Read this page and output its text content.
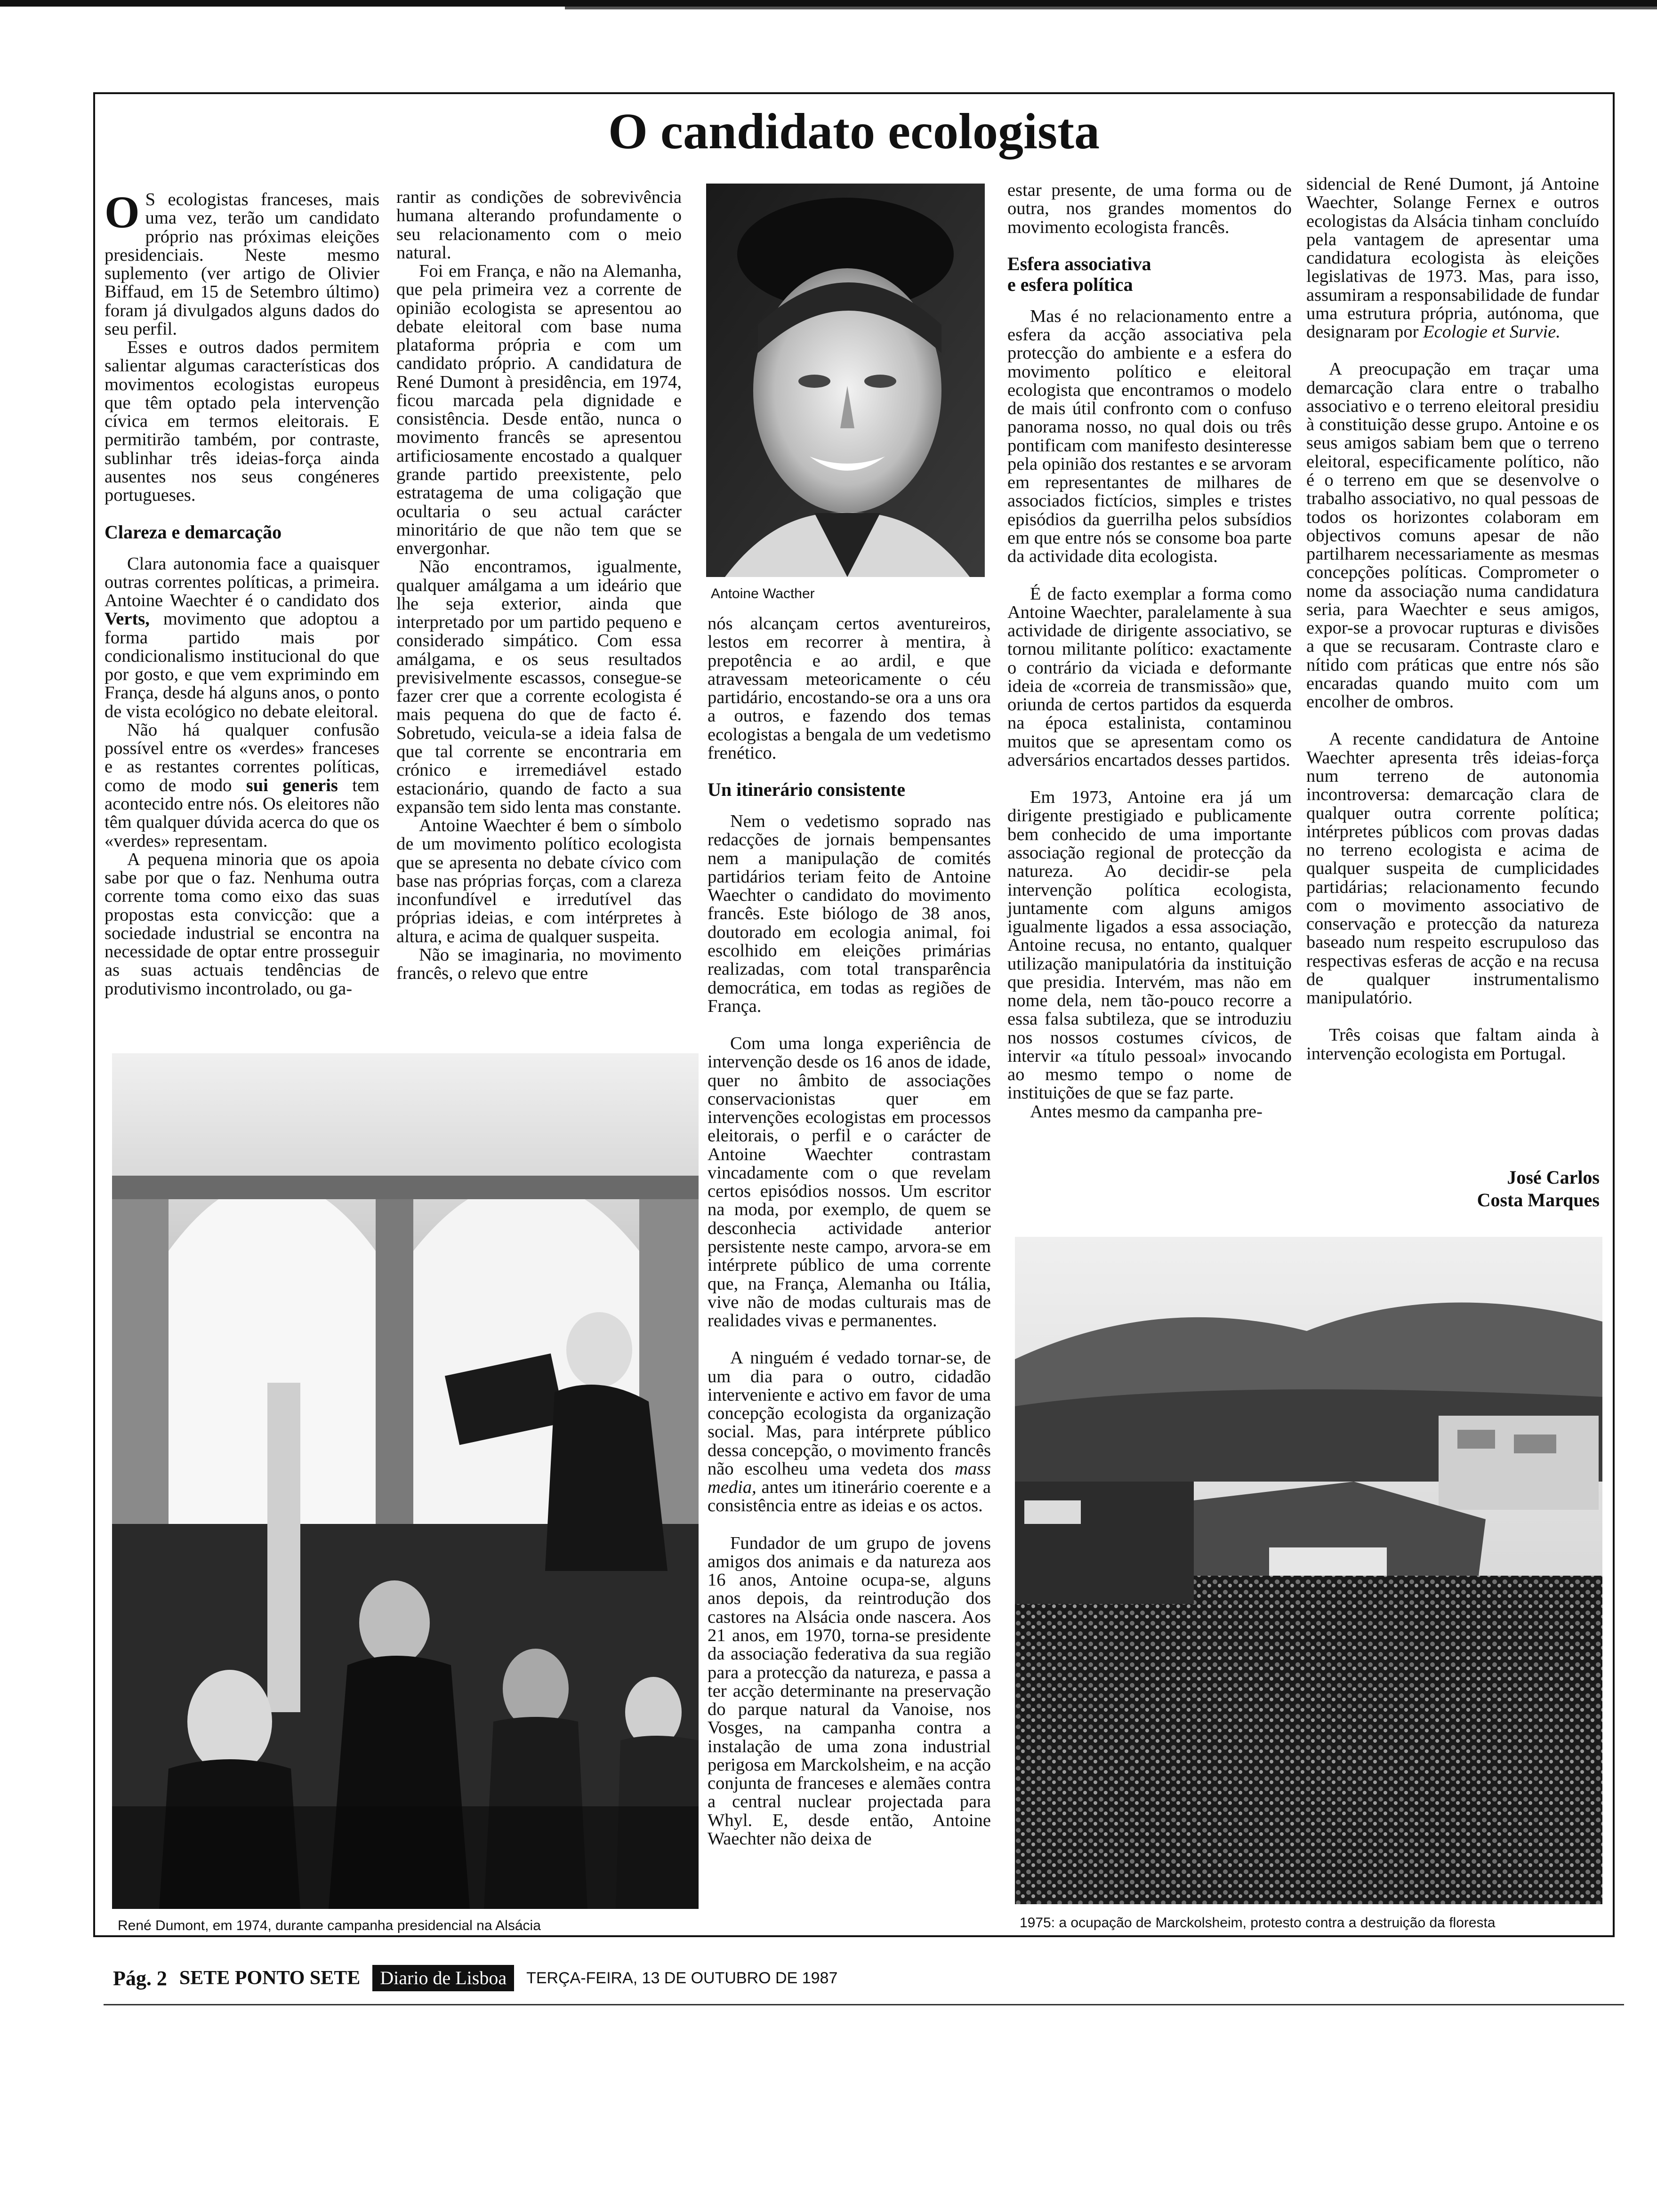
O candidato ecologista
O S ecologistas franceses, mais uma vez, terão um candidato próprio nas próximas eleições presidenciais. Neste mesmo suplemento (ver artigo de Olivier Biffaud, em 15 de Setembro último) foram já divulgados alguns dados do seu perfil.

Esses e outros dados permitem salientar algumas características dos movimentos ecologistas europeus que têm optado pela intervenção cívica em termos eleitorais. E permitirão também, por contraste, sublinhar três ideias-força ainda ausentes nos seus congéneres portugueses.

Clareza e demarcação

Clara autonomia face a quaisquer outras correntes políticas, a primeira. Antoine Waechter é o candidato dos Verts, movimento que adoptou a forma partido mais por condicionalismo institucional do que por gosto, e que vem exprimindo em França, desde há alguns anos, o ponto de vista ecológico no debate eleitoral.

Não há qualquer confusão possível entre os «verdes» franceses e as restantes correntes políticas, como de modo sui generis tem acontecido entre nós. Os eleitores não têm qualquer dúvida acerca do que os «verdes» representam.

A pequena minoria que os apoia sabe por que o faz. Nenhuma outra corrente toma como eixo das suas propostas esta convicção: que a sociedade industrial se encontra na necessidade de optar entre prosseguir as suas actuais tendências de produtivismo incontrolado, ou ga-

rantir as condições de sobrevivência humana alterando profundamente o seu relacionamento com o meio natural.

Foi em França, e não na Alemanha, que pela primeira vez a corrente de opinião ecologista se apresentou ao debate eleitoral com base numa plataforma própria e com um candidato próprio. A candidatura de René Dumont à presidência, em 1974, ficou marcada pela dignidade e consistência. Desde então, nunca o movimento francês se apresentou artificiosamente encostado a qualquer grande partido preexistente, pelo estratagema de uma coligação que ocultaria o seu actual carácter minoritário de que não tem que se envergonhar.

Não encontramos, igualmente, qualquer amálgama a um ideário que lhe seja exterior, ainda que interpretado por um partido pequeno e considerado simpático. Com essa amálgama, e os seus resultados previsivelmente escassos, consegue-se fazer crer que a corrente ecologista é mais pequena do que de facto é. Sobretudo, veicula-se a ideia falsa de que tal corrente se encontraria em crónico e irremediável estado estacionário, quando de facto a sua expansão tem sido lenta mas constante.

Antoine Waechter é bem o símbolo de um movimento político ecologista que se apresenta no debate cívico com base nas próprias forças, com a clareza inconfundível e irredutível das próprias ideias, e com intérpretes à altura, e acima de qualquer suspeita.

Não se imaginaria, no movimento francês, o relevo que entre

Antoine Wacther

nós alcançam certos aventureiros, lestos em recorrer à mentira, à prepotência e ao ardil, e que atravessam meteoricamente o céu partidário, encostando-se ora a uns ora a outros, e fazendo dos temas ecologistas a bengala de um vedetismo frenético.

Un itinerário consistente

Nem o vedetismo soprado nas redacções de jornais bempensantes nem a manipulação de comités partidários teriam feito de Antoine Waechter o candidato do movimento francês. Este biólogo de 38 anos, doutorado em ecologia animal, foi escolhido em eleições primárias realizadas, com total transparência democrática, em todas as regiões de França.

Com uma longa experiência de intervenção desde os 16 anos de idade, quer no âmbito de associações conservacionistas quer em intervenções ecologistas em processos eleitorais, o perfil e o carácter de Antoine Waechter contrastam vincadamente com o que revelam certos episódios nossos. Um escritor na moda, por exemplo, de quem se desconhecia actividade anterior persistente neste campo, arvora-se em intérprete público de uma corrente que, na França, Alemanha ou Itália, vive não de modas culturais mas de realidades vivas e permanentes.

A ninguém é vedado tornar-se, de um dia para o outro, cidadão interveniente e activo em favor de uma concepção ecologista da organização social. Mas, para intérprete público dessa concepção, o movimento francês não escolheu uma vedeta dos mass media, antes um itinerário coerente e a consistência entre as ideias e os actos.

Fundador de um grupo de jovens amigos dos animais e da natureza aos 16 anos, Antoine ocupa-se, alguns anos depois, da reintrodução dos castores na Alsácia onde nascera. Aos 21 anos, em 1970, torna-se presidente da associação federativa da sua região para a protecção da natureza, e passa a ter acção determinante na preservação do parque natural da Vanoise, nos Vosges, na campanha contra a instalação de uma zona industrial perigosa em Marckolsheim, e na acção conjunta de franceses e alemães contra a central nuclear projectada para Whyl. E, desde então, Antoine Waechter não deixa de

estar presente, de uma forma ou de outra, nos grandes momentos do movimento ecologista francês.

Esfera associativa
e esfera política

Mas é no relacionamento entre a esfera da acção associativa pela protecção do ambiente e a esfera do movimento político e eleitoral ecologista que encontramos o modelo de mais útil confronto com o confuso panorama nosso, no qual dois ou três pontificam com manifesto desinteresse pela opinião dos restantes e se arvoram em representantes de milhares de associados fictícios, simples e tristes episódios da guerrilha pelos subsídios em que entre nós se consome boa parte da actividade dita ecologista.

É de facto exemplar a forma como Antoine Waechter, paralelamente à sua actividade de dirigente associativo, se tornou militante político: exactamente o contrário da viciada e deformante ideia de «correia de transmissão» que, oriunda de certos partidos da esquerda na época estalinista, contaminou muitos que se apresentam como os adversários encartados desses partidos.

Em 1973, Antoine era já um dirigente prestigiado e publicamente bem conhecido de uma importante associação regional de protecção da natureza. Ao decidir-se pela intervenção política ecologista, juntamente com alguns amigos igualmente ligados a essa associação, Antoine recusa, no entanto, qualquer utilização manipulatória da instituição que presidia. Intervém, mas não em nome dela, nem tão-pouco recorre a essa falsa subtileza, que se introduziu nos nossos costumes cívicos, de intervir «a título pessoal» invocando ao mesmo tempo o nome de instituições de que se faz parte.

Antes mesmo da campanha pre-

sidencial de René Dumont, já Antoine Waechter, Solange Fernex e outros ecologistas da Alsácia tinham concluído pela vantagem de apresentar uma candidatura ecologista às eleições legislativas de 1973. Mas, para isso, assumiram a responsabilidade de fundar uma estrutura própria, autónoma, que designaram por Ecologie et Survie.

A preocupação em traçar uma demarcação clara entre o trabalho associativo e o terreno eleitoral presidiu à constituição desse grupo. Antoine e os seus amigos sabiam bem que o terreno eleitoral, especificamente político, não é o terreno em que se desenvolve o trabalho associativo, no qual pessoas de todos os horizontes colaboram em objectivos comuns apesar de não partilharem necessariamente as mesmas concepções políticas. Comprometer o nome da associação numa candidatura seria, para Waechter e seus amigos, expor-se a provocar rupturas e divisões a que se recusaram. Contraste claro e nítido com práticas que entre nós são encaradas quando muito com um encolher de ombros.

A recente candidatura de Antoine Waechter apresenta três ideias-força num terreno de autonomia incontroversa: demarcação clara de qualquer outra corrente política; intérpretes públicos com provas dadas no terreno ecologista e acima de qualquer suspeita de cumplicidades partidárias; relacionamento fecundo com o movimento associativo de conservação e protecção da natureza baseado num respeito escrupuloso das respectivas esferas de acção e na recusa de qualquer instrumentalismo manipulatório.

Três coisas que faltam ainda à intervenção ecologista em Portugal.

José Carlos
Costa Marques
René Dumont, em 1974, durante campanha presidencial na Alsácia	1975: a ocupação de Marckolsheim, protesto contra a destruição da floresta
Pág. 2 SETE PONTO SETE	Diario de Lisboa	TERÇA-FEIRA, 13 DE OUTUBRO DE 1987
